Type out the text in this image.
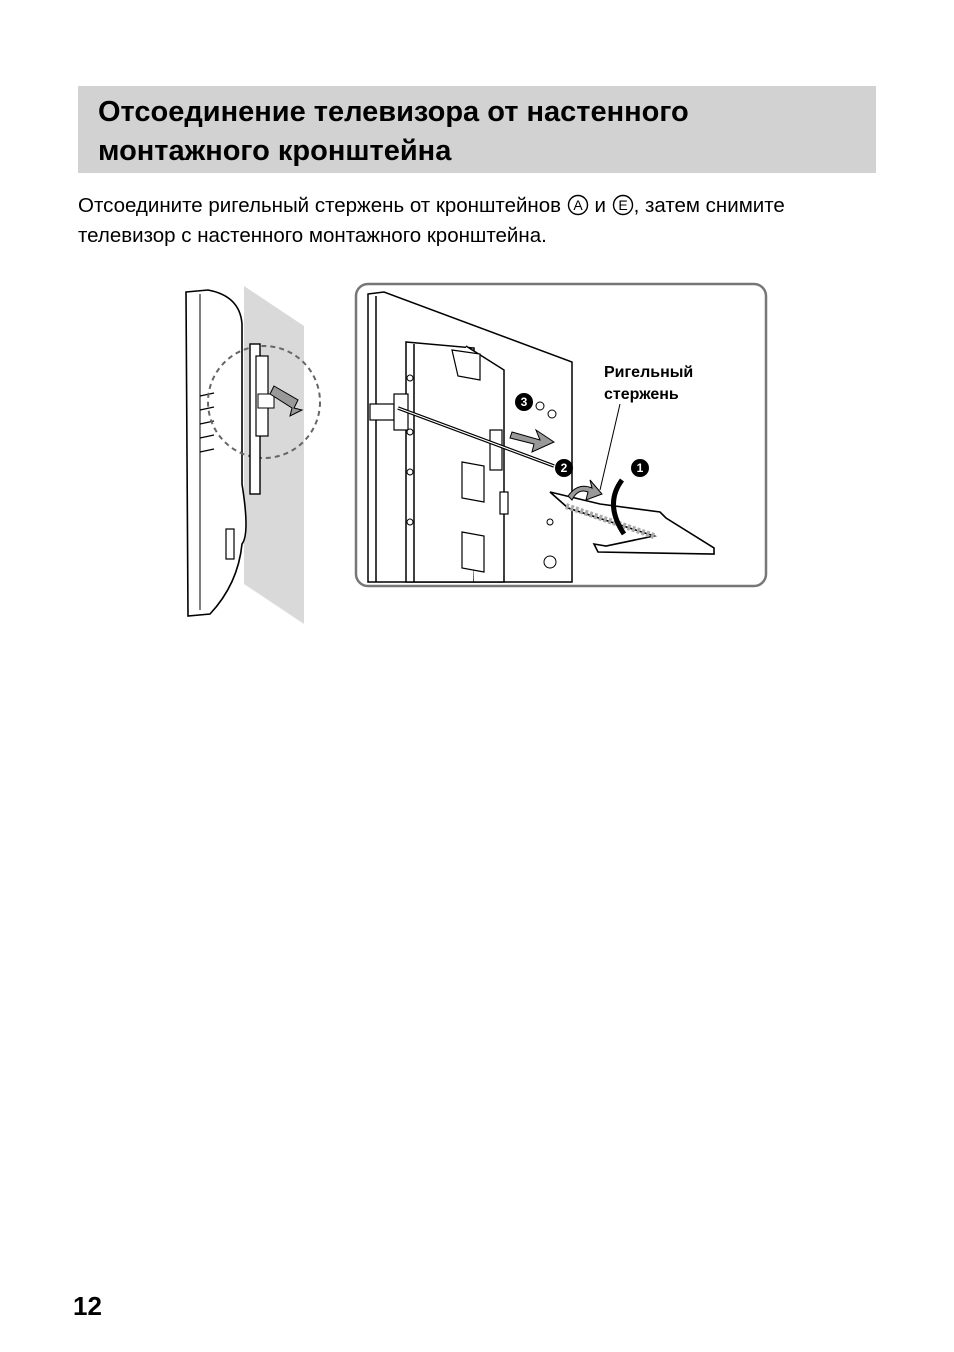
Отсоединение телевизора от настенного
монтажного кронштейна
Отсоедините ригельный стержень от кронштейнов A и E , затем снимите
телевизор с настенного монтажного кронштейна.
Ригельный
стержень
1
2
3
12
